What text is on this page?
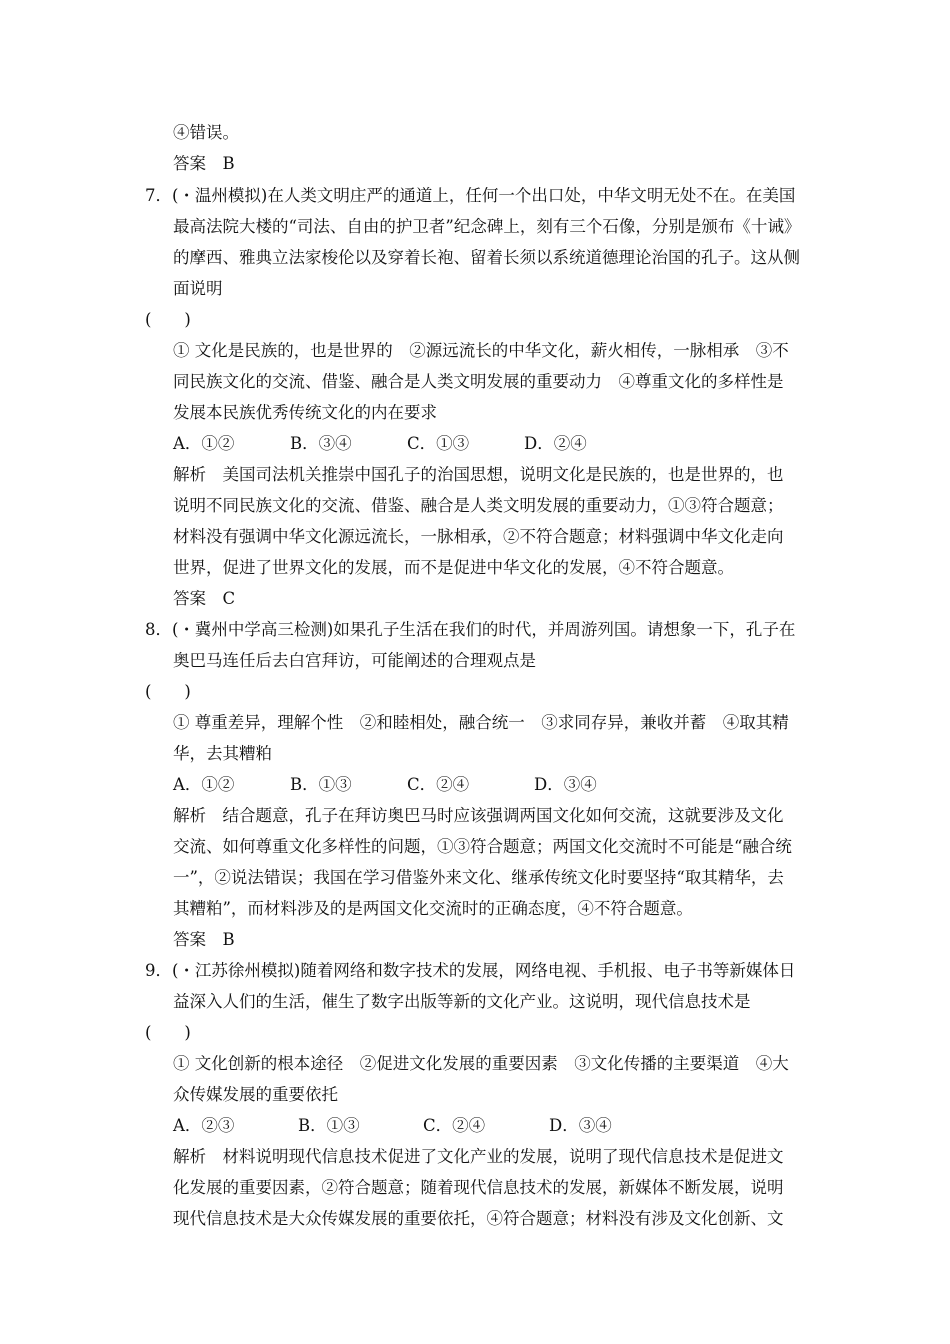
④错误。
答案　B
7．(・温州模拟)在人类文明庄严的通道上，任何一个出口处，中华文明无处不在。在美国
最高法院大楼的“司法、自由的护卫者”纪念碑上，刻有三个石像，分别是颁布《十诫》
的摩西、雅典立法家梭伦以及穿着长袍、留着长须以系统道德理论治国的孔子。这从侧
面说明
(　　)
① 文化是民族的，也是世界的　②源远流长的中华文化，薪火相传，一脉相承　③不
同民族文化的交流、借鉴、融合是人类文明发展的重要动力　④尊重文化的多样性是
发展本民族优秀传统文化的内在要求
A．①②	B．③④	C．①③	D．②④
解析　美国司法机关推崇中国孔子的治国思想，说明文化是民族的，也是世界的，也
说明不同民族文化的交流、借鉴、融合是人类文明发展的重要动力，①③符合题意；
材料没有强调中华文化源远流长，一脉相承，②不符合题意；材料强调中华文化走向
世界，促进了世界文化的发展，而不是促进中华文化的发展，④不符合题意。
答案　C
8．(・冀州中学高三检测)如果孔子生活在我们的时代，并周游列国。请想象一下，孔子在
奥巴马连任后去白宫拜访，可能阐述的合理观点是
(　　)
① 尊重差异，理解个性　②和睦相处，融合统一　③求同存异，兼收并蓄　④取其精
华，去其糟粕
A．①②	B．①③	C．②④	D．③④
解析　结合题意，孔子在拜访奥巴马时应该强调两国文化如何交流，这就要涉及文化
交流、如何尊重文化多样性的问题，①③符合题意；两国文化交流时不可能是“融合统
一”，②说法错误；我国在学习借鉴外来文化、继承传统文化时要坚持“取其精华，去
其糟粕”，而材料涉及的是两国文化交流时的正确态度，④不符合题意。
答案　B
9．(・江苏徐州模拟)随着网络和数字技术的发展，网络电视、手机报、电子书等新媒体日
益深入人们的生活，催生了数字出版等新的文化产业。这说明，现代信息技术是
(　　)
① 文化创新的根本途径　②促进文化发展的重要因素　③文化传播的主要渠道　④大
众传媒发展的重要依托
A．②③	B．①③	C．②④	D．③④
解析　材料说明现代信息技术促进了文化产业的发展，说明了现代信息技术是促进文
化发展的重要因素，②符合题意；随着现代信息技术的发展，新媒体不断发展，说明
现代信息技术是大众传媒发展的重要依托，④符合题意；材料没有涉及文化创新、文
